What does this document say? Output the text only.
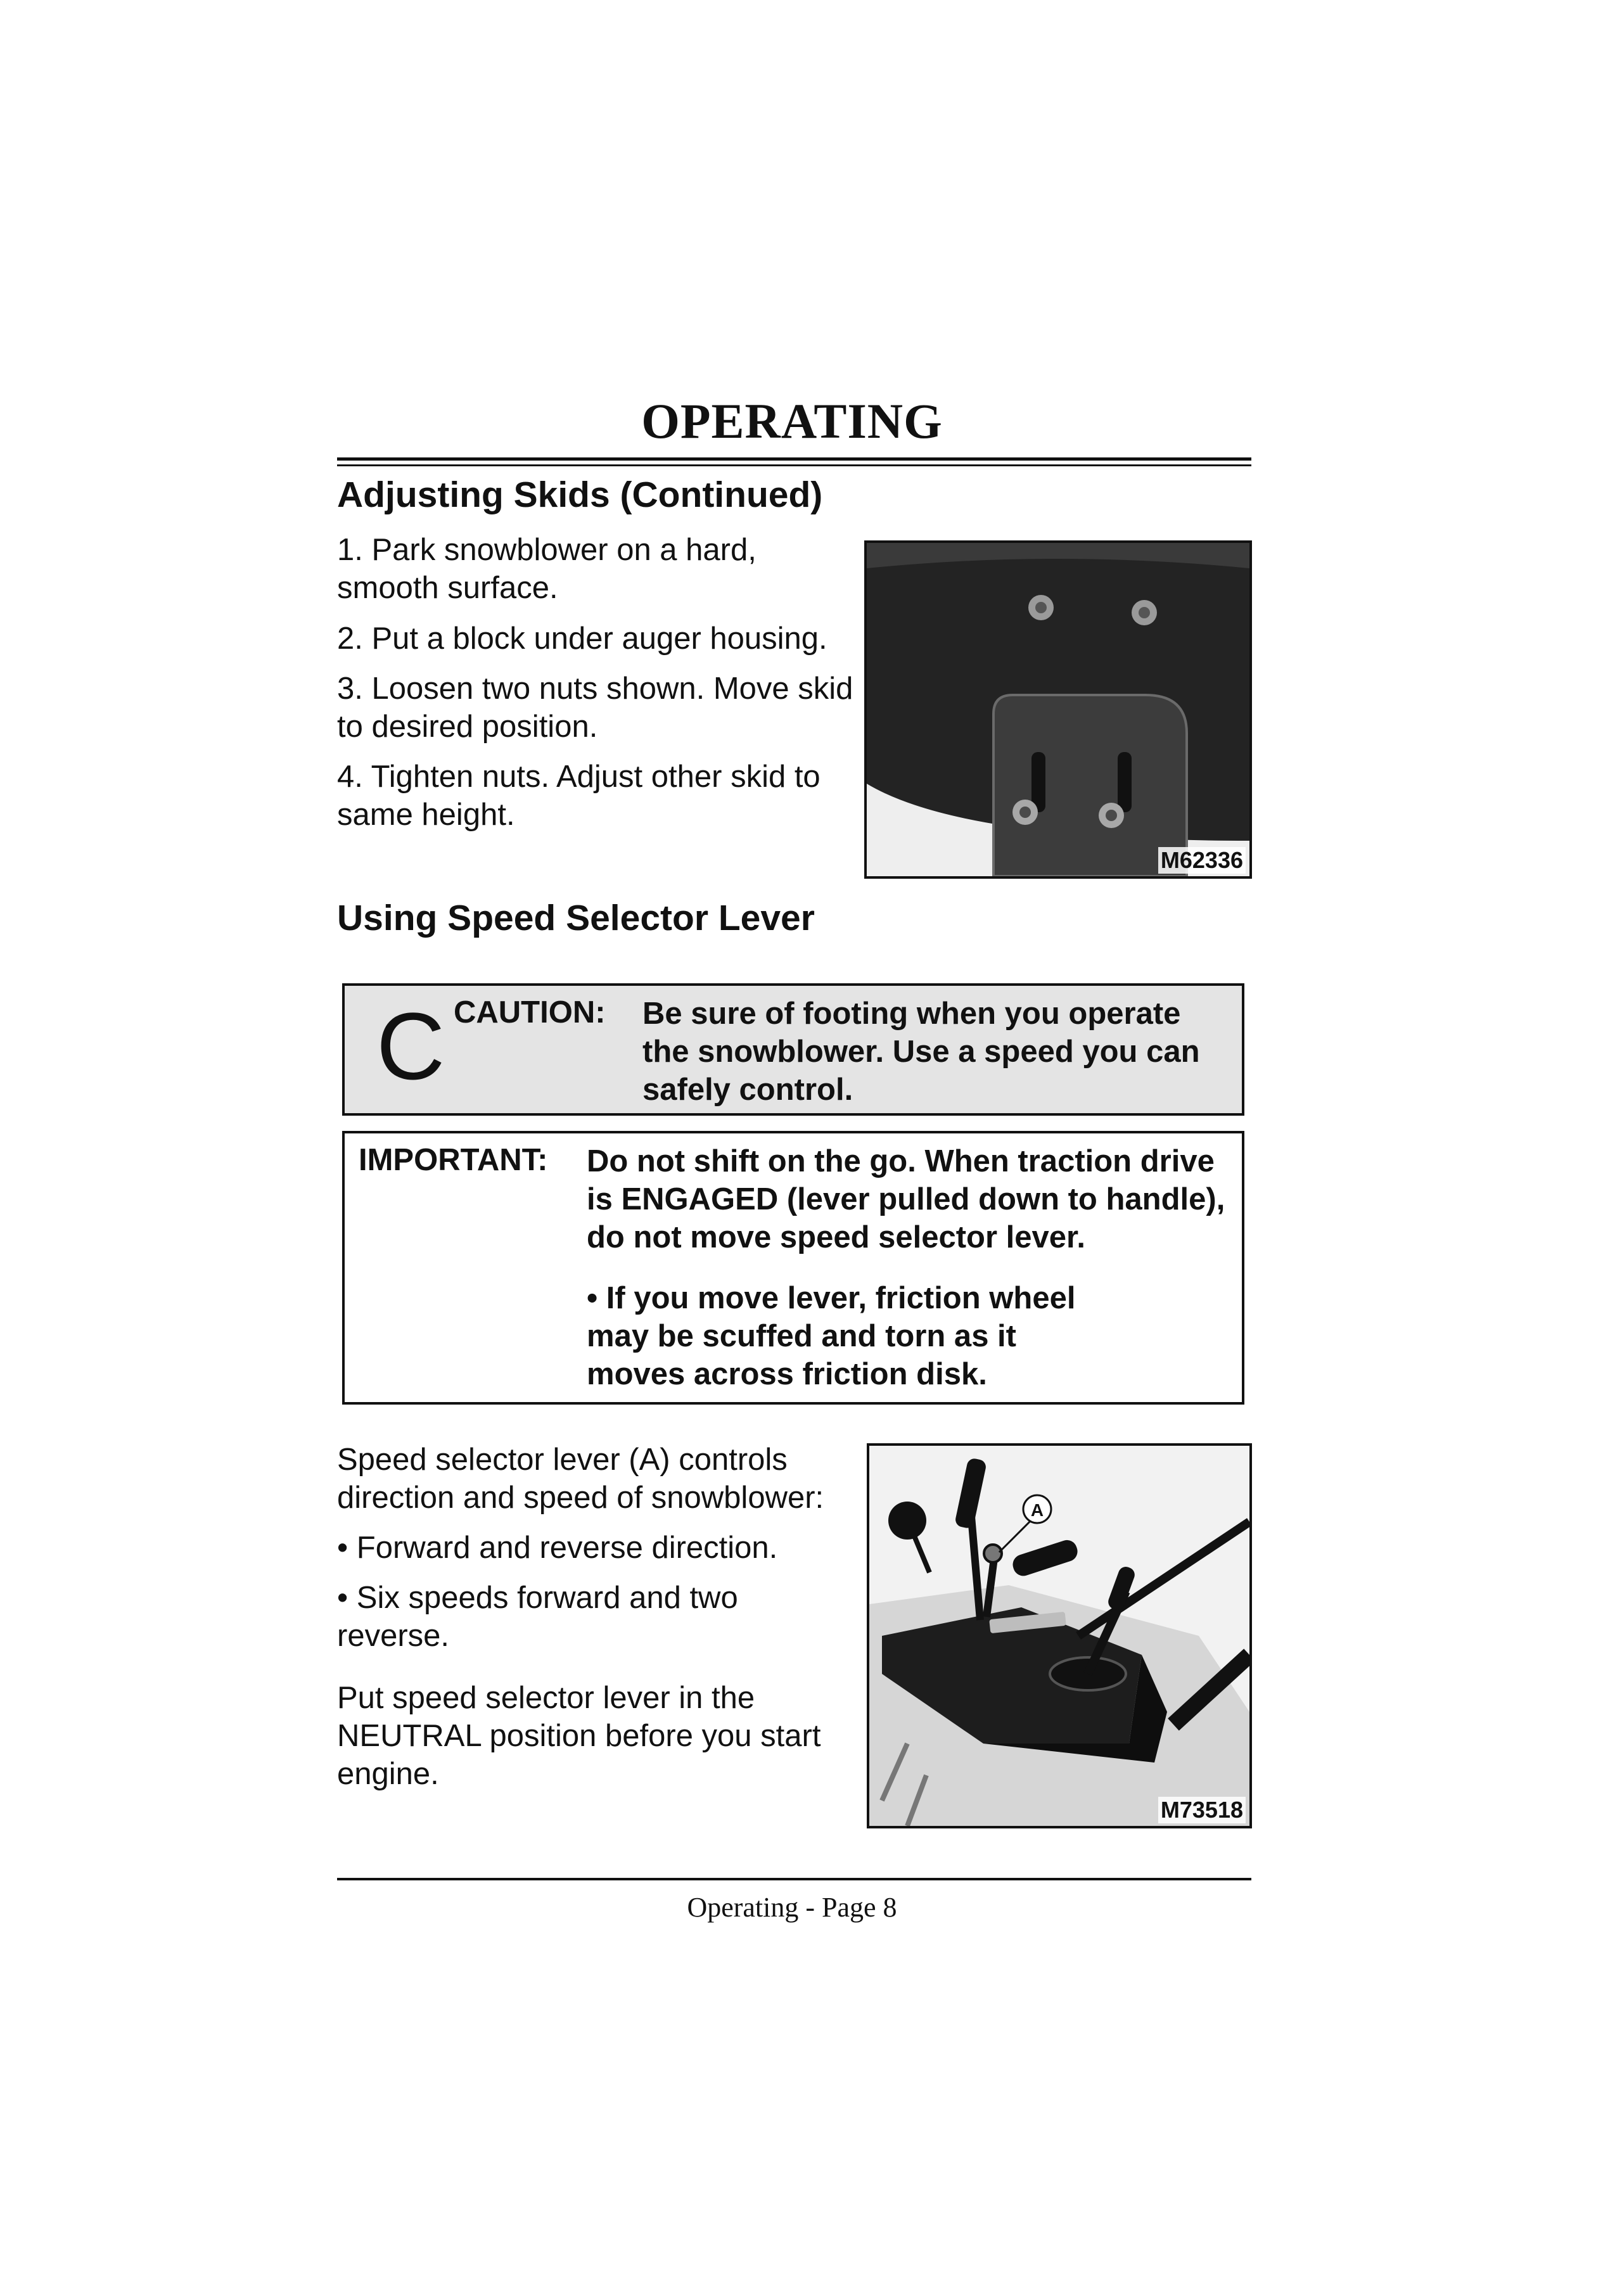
OPERATING
Adjusting Skids (Continued)
1. Park snowblower on a hard, smooth surface.
2. Put a block under auger housing.
3. Loosen two nuts shown. Move skid to desired position.
4. Tighten nuts. Adjust other skid to same height.
M62336
Using Speed Selector Lever
C CAUTION: Be sure of footing when you operate the snowblower. Use a speed you can safely control.
IMPORTANT: Do not shift on the go. When traction drive is ENGAGED (lever pulled down to handle), do not move speed selector lever.
• If you move lever, friction wheel may be scuffed and torn as it moves across friction disk.
Speed selector lever (A) controls direction and speed of snowblower:
• Forward and reverse direction.
• Six speeds forward and two reverse.
Put speed selector lever in the NEUTRAL position before you start engine.
A
M73518
Operating - Page 8
